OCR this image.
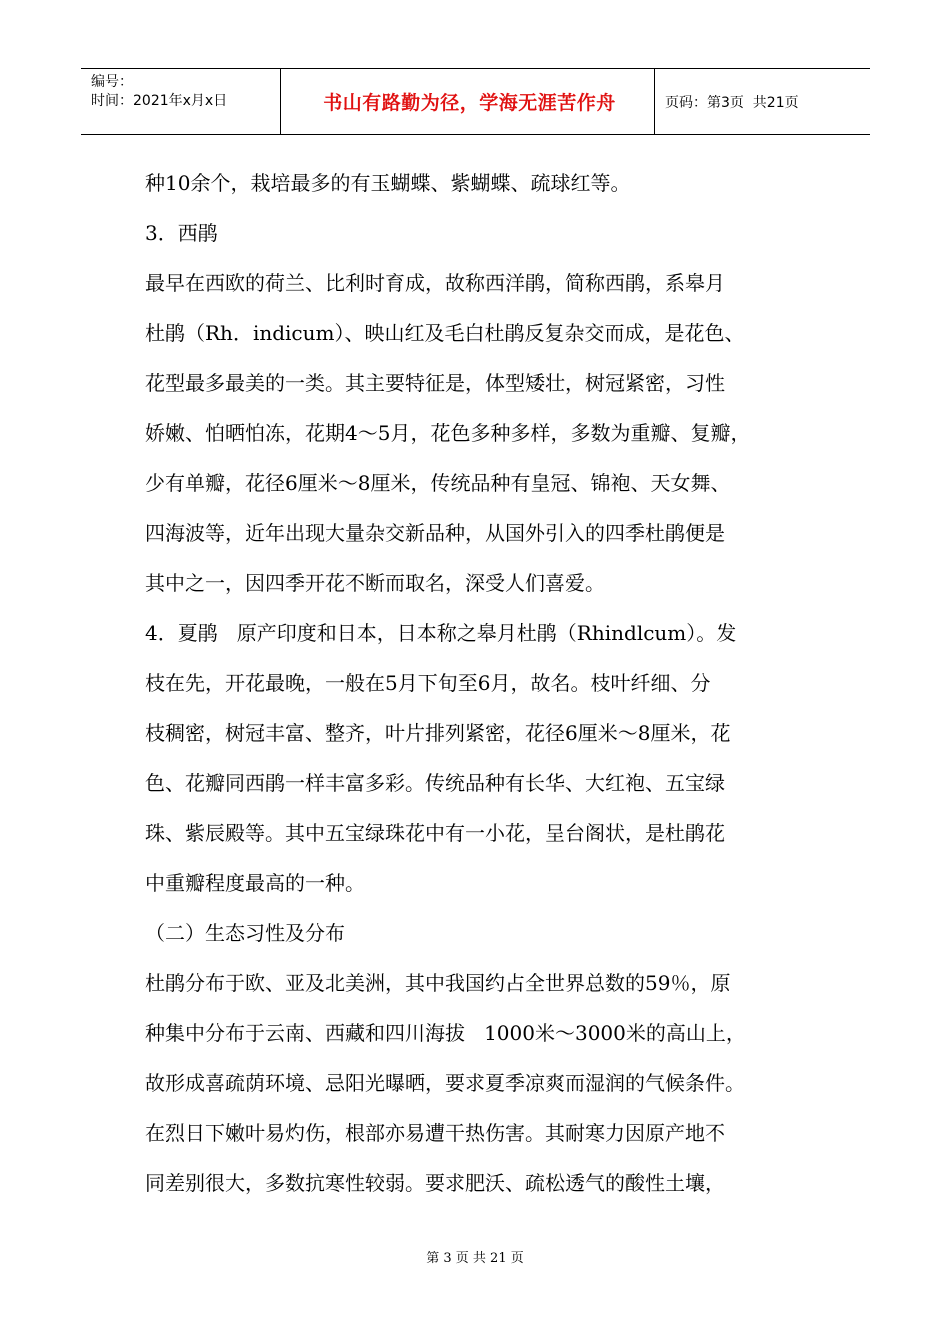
编号：
时间：2021年x月x日	书山有路勤为径，学海无涯苦作舟	页码：第3页  共21页
种10余个，栽培最多的有玉蝴蝶、紫蝴蝶、疏球红等。
3．西鹃
最早在西欧的荷兰、比利时育成，故称西洋鹃，简称西鹃，系皋月
杜鹃（Rh．indicum）、映山红及毛白杜鹃反复杂交而成，是花色、
花型最多最美的一类。其主要特征是，体型矮壮，树冠紧密，习性
娇嫩、怕晒怕冻，花期4～5月，花色多种多样，多数为重瓣、复瓣，
少有单瓣，花径6厘米～8厘米，传统品种有皇冠、锦袍、天女舞、
四海波等，近年出现大量杂交新品种，从国外引入的四季杜鹃便是
其中之一，因四季开花不断而取名，深受人们喜爱。
4．夏鹃   原产印度和日本，日本称之皋月杜鹃（Rhindlcum）。发
枝在先，开花最晚，一般在5月下旬至6月，故名。枝叶纤细、分
枝稠密，树冠丰富、整齐，叶片排列紧密，花径6厘米～8厘米，花
色、花瓣同西鹃一样丰富多彩。传统品种有长华、大红袍、五宝绿
珠、紫辰殿等。其中五宝绿珠花中有一小花，呈台阁状，是杜鹃花
中重瓣程度最高的一种。
（二）生态习性及分布
杜鹃分布于欧、亚及北美洲，其中我国约占全世界总数的59％，原
种集中分布于云南、西藏和四川海拔   1000米～3000米的高山上，
故形成喜疏荫环境、忌阳光曝晒，要求夏季凉爽而湿润的气候条件。
在烈日下嫩叶易灼伤，根部亦易遭干热伤害。其耐寒力因原产地不
同差别很大，多数抗寒性较弱。要求肥沃、疏松透气的酸性土壤，
第 3 页 共 21 页
